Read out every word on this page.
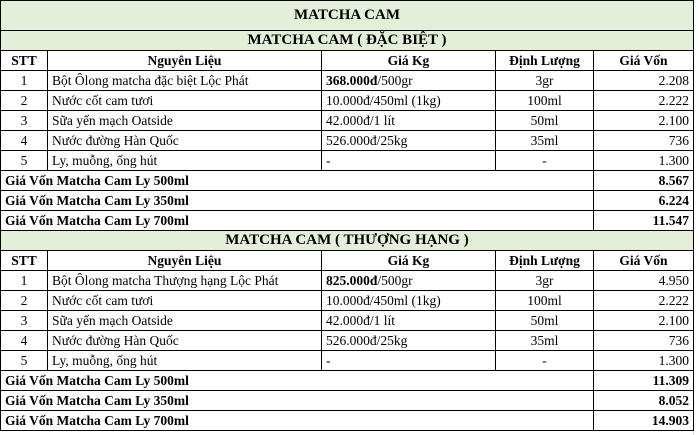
MATCHA CAM
MATCHA CAM ( ĐẶC BIỆT )
STT	Nguyên Liệu	Giá Kg	Định Lượng	Giá Vốn
1	Bột Ôlong matcha đặc biệt Lộc Phát	368.000đ /500gr	3gr	2.208
2	Nước cốt cam tươi	10.000đ/450ml (1kg)	100ml	2.222
3	Sữa yến mạch Oatside	42.000đ/1 lít	50ml	2.100
4	Nước đường Hàn Quốc	526.000đ/25kg	35ml	736
5	Ly, muỗng, ống hút	-	-	1.300
Giá Vốn Matcha Cam Ly 500ml	8.567
Giá Vốn Matcha Cam Ly 350ml	6.224
Giá Vốn Matcha Cam Ly 700ml	11.547
MATCHA CAM ( THƯỢNG HẠNG )
STT	Nguyên Liệu	Giá Kg	Định Lượng	Giá Vốn
1	Bột Ôlong matcha Thượng hạng Lộc Phát	825.000đ /500gr	3gr	4.950
2	Nước cốt cam tươi	10.000đ/450ml (1kg)	100ml	2.222
3	Sữa yến mạch Oatside	42.000đ/1 lít	50ml	2.100
4	Nước đường Hàn Quốc	526.000đ/25kg	35ml	736
5	Ly, muỗng, ống hút	-	-	1.300
Giá Vốn Matcha Cam Ly 500ml	11.309
Giá Vốn Matcha Cam Ly 350ml	8.052
Giá Vốn Matcha Cam Ly 700ml	14.903
